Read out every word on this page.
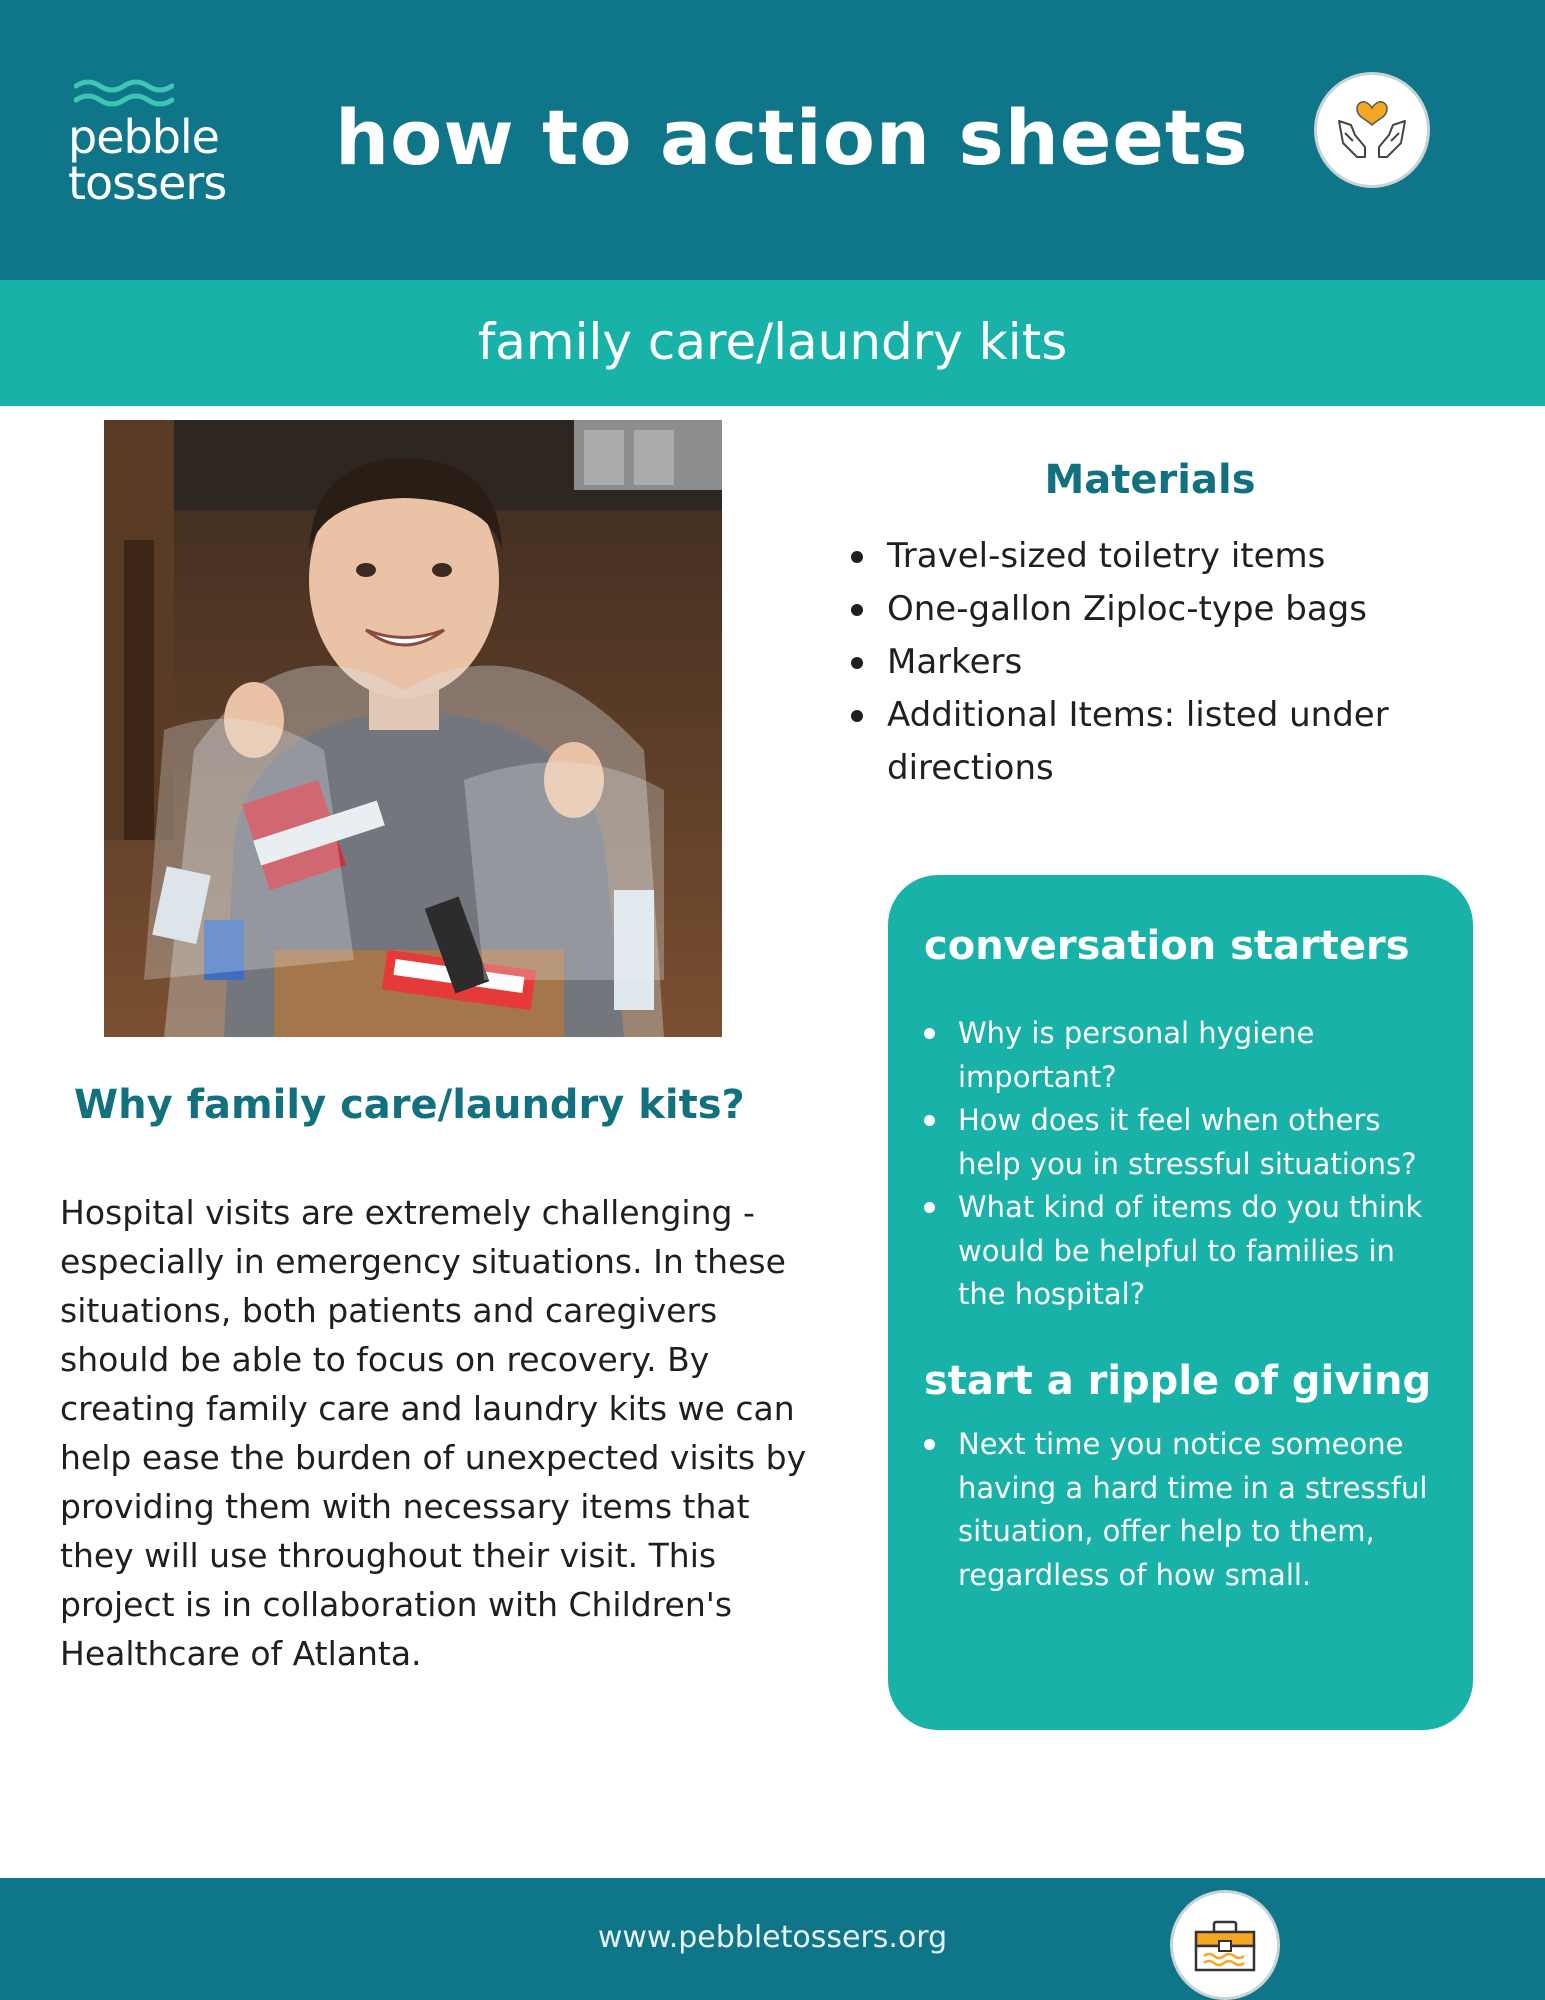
pebble
tossers
how to action sheets
family care/laundry kits
Materials
Travel-sized toiletry items
One-gallon Ziploc-type bags
Markers
Additional Items: listed under directions
Why family care/laundry kits?

Hospital visits are extremely challenging - especially in emergency situations. In these situations, both patients and caregivers should be able to focus on recovery. By creating family care and laundry kits we can help ease the burden of unexpected visits by providing them with necessary items that they will use throughout their visit. This project is in collaboration with Children's Healthcare of Atlanta.

conversation starters
Why is personal hygiene important?
How does it feel when others help you in stressful situations?
What kind of items do you think would be helpful to families in the hospital?
start a ripple of giving
Next time you notice someone having a hard time in a stressful situation, offer help to them, regardless of how small.
www.pebbletossers.org
